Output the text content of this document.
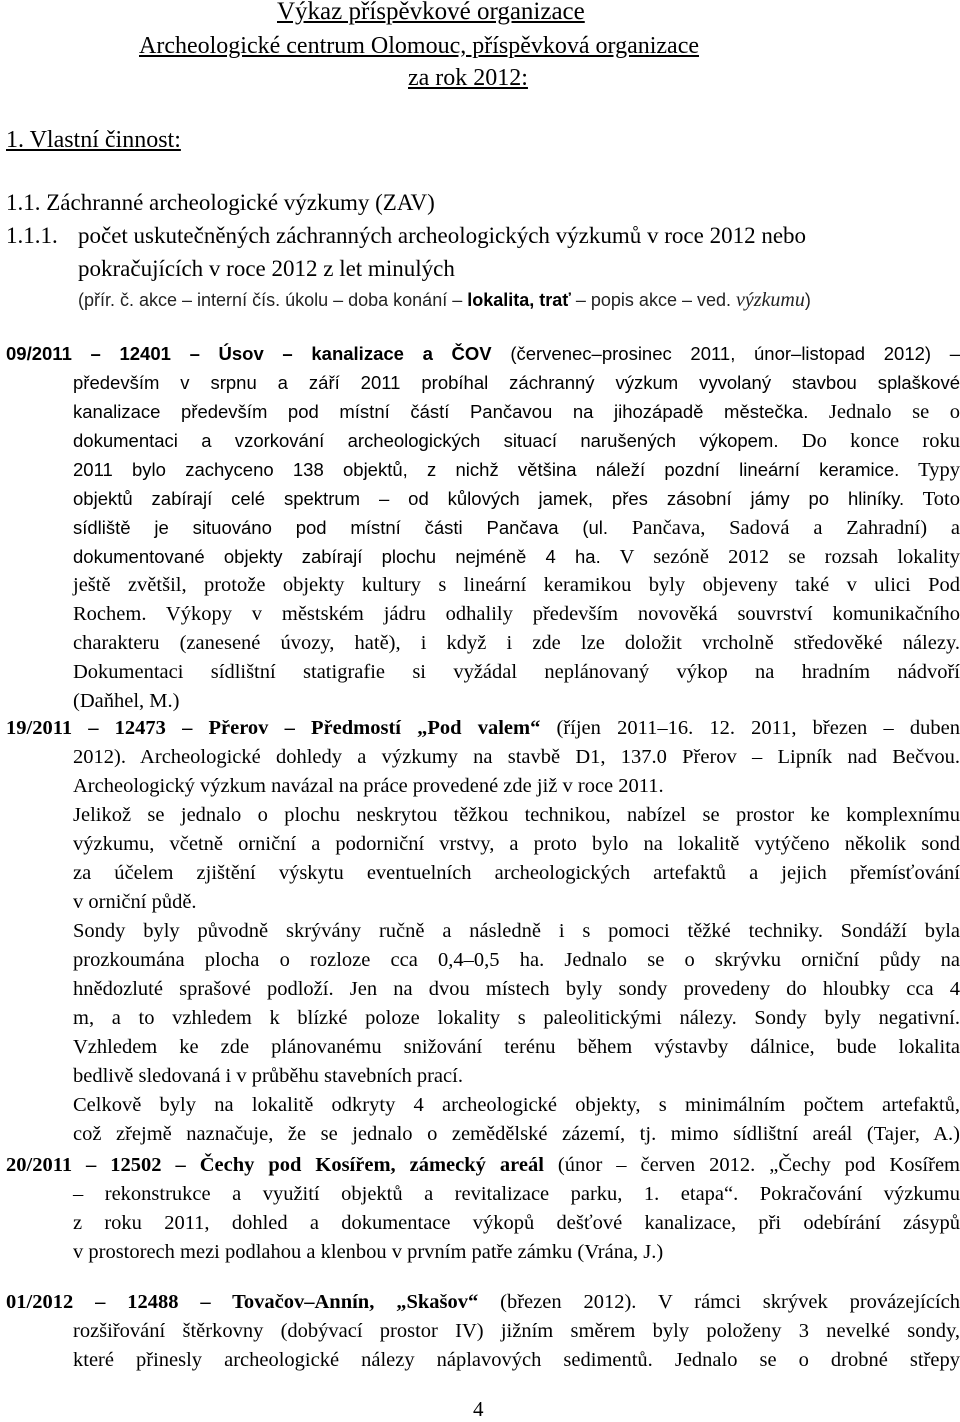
Výkaz příspěvkové organizace
Archeologické centrum Olomouc, příspěvková organizace
za rok 2012:
1. Vlastní činnost:
1.1. Záchranné archeologické výzkumy (ZAV)
1.1.1. počet uskutečněných záchranných archeologických výzkumů v roce 2012 nebo
pokračujících v roce 2012 z let minulých
(přír. č. akce – interní čís. úkolu – doba konání – lokalita, trať – popis akce – ved. výzkumu)
09/2011 – 12401 – Úsov – kanalizace a ČOV (červenec–prosinec 2011, únor–listopad 2012) –
především v srpnu a září 2011 probíhal záchranný výzkum vyvolaný stavbou splaškové
kanalizace především pod místní částí Pančavou na jihozápadě městečka. Jednalo se o
dokumentaci a vzorkování archeologických situací narušených výkopem. Do konce roku
2011 bylo zachyceno 138 objektů, z nichž většina náleží pozdní lineární keramice. Typy
objektů zabírají celé spektrum – od kůlových jamek, přes zásobní jámy po hliníky. Toto
sídliště je situováno pod místní části Pančava (ul. Pančava, Sadová a Zahradní) a
dokumentované objekty zabírají plochu nejméně 4 ha. V sezóně 2012 se rozsah lokality
ještě zvětšil, protože objekty kultury s lineární keramikou byly objeveny také v ulici Pod
Rochem. Výkopy v městském jádru odhalily především novověká souvrství komunikačního
charakteru (zanesené úvozy, hatě), i když i zde lze doložit vrcholně středověké nálezy.
Dokumentaci sídlištní statigrafie si vyžádal neplánovaný výkop na hradním nádvoří
(Daňhel, M.)
19/2011 – 12473 – Přerov – Předmostí „Pod valem“ (říjen 2011–16. 12. 2011, březen – duben
2012). Archeologické dohledy a výzkumy na stavbě D1, 137.0 Přerov – Lipník nad Bečvou.
Archeologický výzkum navázal na práce provedené zde již v roce 2011.
Jelikož se jednalo o plochu neskrytou těžkou technikou, nabízel se prostor ke komplexnímu
výzkumu, včetně orniční a podorniční vrstvy, a proto bylo na lokalitě vytýčeno několik sond
za účelem zjištění výskytu eventuelních archeologických artefaktů a jejich přemísťování
v orniční půdě.
Sondy byly původně skrývány ručně a následně i s pomoci těžké techniky. Sondáží byla
prozkoumána plocha o rozloze cca 0,4–0,5 ha. Jednalo se o skrývku orniční půdy na
hnědozluté sprašové podloží. Jen na dvou místech byly sondy provedeny do hloubky cca 4
m, a to vzhledem k blízké poloze lokality s paleolitickými nálezy. Sondy byly negativní.
Vzhledem ke zde plánovanému snižování terénu během výstavby dálnice, bude lokalita
bedlivě sledovaná i v průběhu stavebních prací.
Celkově byly na lokalitě odkryty 4 archeologické objekty, s minimálním počtem artefaktů,
což zřejmě naznačuje, že se jednalo o zemědělské zázemí, tj. mimo sídlištní areál (Tajer, A.)
20/2011 – 12502 – Čechy pod Kosířem, zámecký areál (únor – červen 2012. „Čechy pod Kosířem
– rekonstrukce a využití objektů a revitalizace parku, 1. etapa“. Pokračování výzkumu
z roku 2011, dohled a dokumentace výkopů dešťové kanalizace, při odebírání zásypů
v prostorech mezi podlahou a klenbou v prvním patře zámku (Vrána, J.)
01/2012 – 12488 – Tovačov–Annín, „Skašov“ (březen 2012). V rámci skrývek provázejících
rozšiřování štěrkovny (dobývací prostor IV) jižním směrem byly položeny 3 nevelké sondy,
které přinesly archeologické nálezy náplavových sedimentů. Jednalo se o drobné střepy
4
